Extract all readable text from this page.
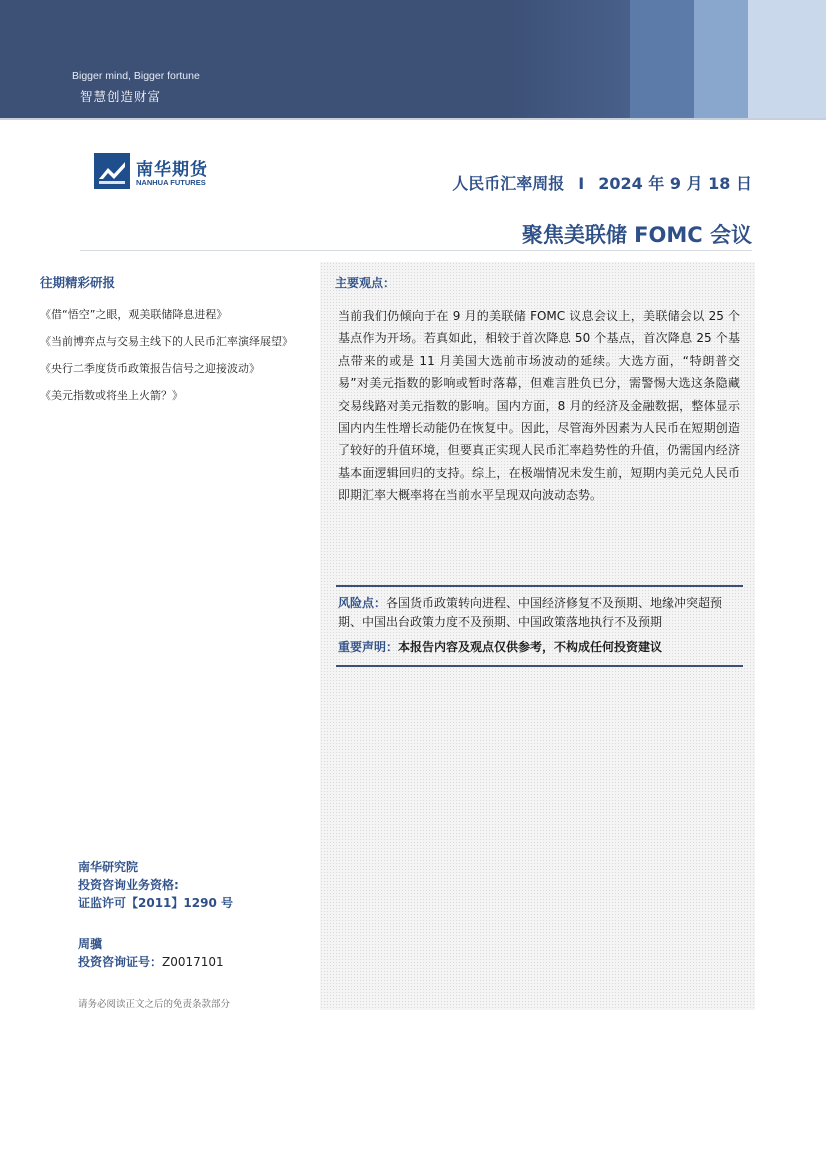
Bigger mind, Bigger fortune
智慧创造财富
南华期货
NANHUA FUTURES	人民币汇率周报 I 2024 年 9 月 18 日
聚焦美联储 FOMC 会议
往期精彩研报
《借“悟空”之眼，观美联储降息进程》
《当前博弈点与交易主线下的人民币汇率演绎展望》
《央行二季度货币政策报告信号之迎接波动》
《美元指数或将坐上火箭？》
主要观点：
当前我们仍倾向于在 9 月的美联储 FOMC 议息会议上，美联储会以 25 个基点作为开场。若真如此，相较于首次降息 50 个基点，首次降息 25 个基点带来的或是 11 月美国大选前市场波动的延续。大选方面，“特朗普交易”对美元指数的影响或暂时落幕，但难言胜负已分，需警惕大选这条隐藏交易线路对美元指数的影响。国内方面，8 月的经济及金融数据，整体显示国内内生性增长动能仍在恢复中。因此，尽管海外因素为人民币在短期创造了较好的升值环境，但要真正实现人民币汇率趋势性的升值，仍需国内经济基本面逻辑回归的支持。综上，在极端情况未发生前，短期内美元兑人民币即期汇率大概率将在当前水平呈现双向波动态势。
风险点：各国货币政策转向进程、中国经济修复不及预期、地缘冲突超预期、中国出台政策力度不及预期、中国政策落地执行不及预期
重要声明：本报告内容及观点仅供参考，不构成任何投资建议
南华研究院
投资咨询业务资格:
证监许可【2011】1290 号
周骥
投资咨询证号：Z0017101
请务必阅读正文之后的免责条款部分
